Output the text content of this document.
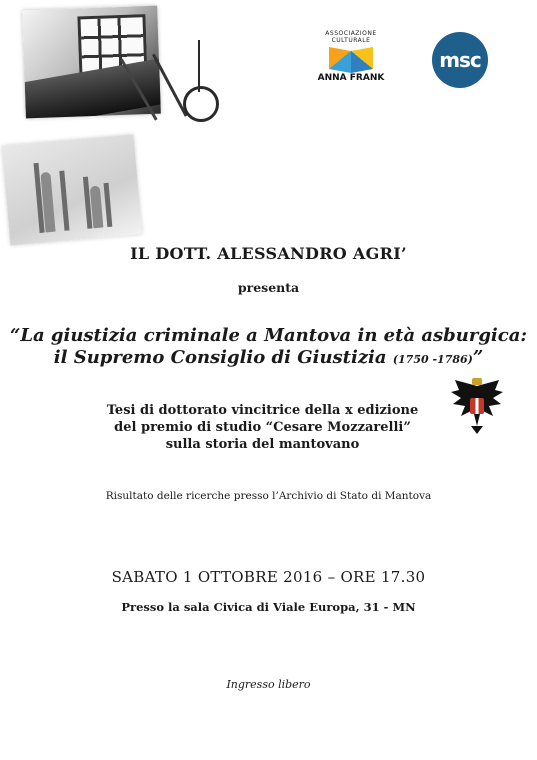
ASSOCIAZIONE CULTURALE
ANNA FRANK
msc
IL DOTT. ALESSANDRO AGRI’
presenta
“La giustizia criminale a Mantova in età asburgica:
il Supremo Consiglio di Giustizia (1750 -1786)”
Tesi di dottorato vincitrice della x edizione
del premio di studio “Cesare Mozzarelli”
sulla storia del mantovano
Risultato delle ricerche presso l’Archivio di Stato di Mantova
SABATO 1 OTTOBRE 2016 – ORE 17.30
Presso la sala Civica di Viale Europa, 31 - MN
Ingresso libero
